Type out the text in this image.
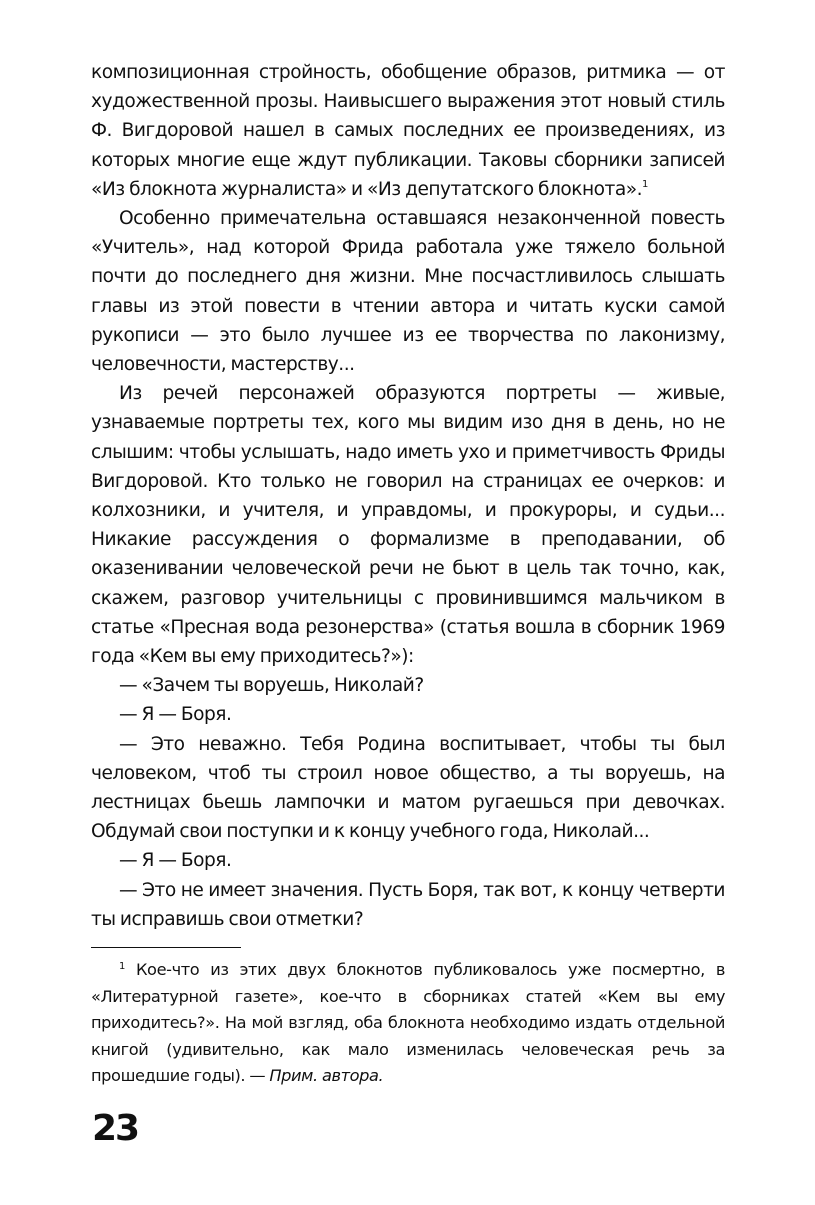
композиционная стройность, обобщение образов, ритмика — от художественной прозы. Наивысшего выражения этот новый стиль Ф. Вигдоровой нашел в самых последних ее произведениях, из которых многие еще ждут публикации. Таковы сборники записей «Из блокнота журналиста» и «Из депутатского блокнота».$^1$

Особенно примечательна оставшаяся незаконченной повесть «Учитель», над которой Фрида работала уже тяжело больной почти до последнего дня жизни. Мне посчастливилось слышать главы из этой повести в чтении автора и читать куски самой рукописи — это было лучшее из ее творчества по лаконизму, человечности, мастерству...

Из речей персонажей образуются портреты — живые, узнаваемые портреты тех, кого мы видим изо дня в день, но не слышим: чтобы услышать, надо иметь ухо и приметчивость Фриды Вигдоровой. Кто только не говорил на страницах ее очерков: и колхозники, и учителя, и управдомы, и прокуроры, и судьи... Никакие рассуждения о формализме в преподавании, об оказенивании человеческой речи не бьют в цель так точно, как, скажем, разговор учительницы с провинившимся мальчиком в статье «Пресная вода резонерства» (статья вошла в сборник 1969 года «Кем вы ему приходитесь?»):

— «Зачем ты воруешь, Николай?

— Я — Боря.

— Это неважно. Тебя Родина воспитывает, чтобы ты был человеком, чтоб ты строил новое общество, а ты воруешь, на лестницах бьешь лампочки и матом ругаешься при девочках. Обдумай свои поступки и к концу учебного года, Николай...

— Я — Боря.

— Это не имеет значения. Пусть Боря, так вот, к концу четверти ты исправишь свои отметки?

$^1$ Кое-что из этих двух блокнотов публиковалось уже посмертно, в «Литературной газете», кое-что в сборниках статей «Кем вы ему приходитесь?». На мой взгляд, оба блокнота необходимо издать отдельной книгой (удивительно, как мало изменилась человеческая речь за прошедшие годы). — Прим. автора.

23
